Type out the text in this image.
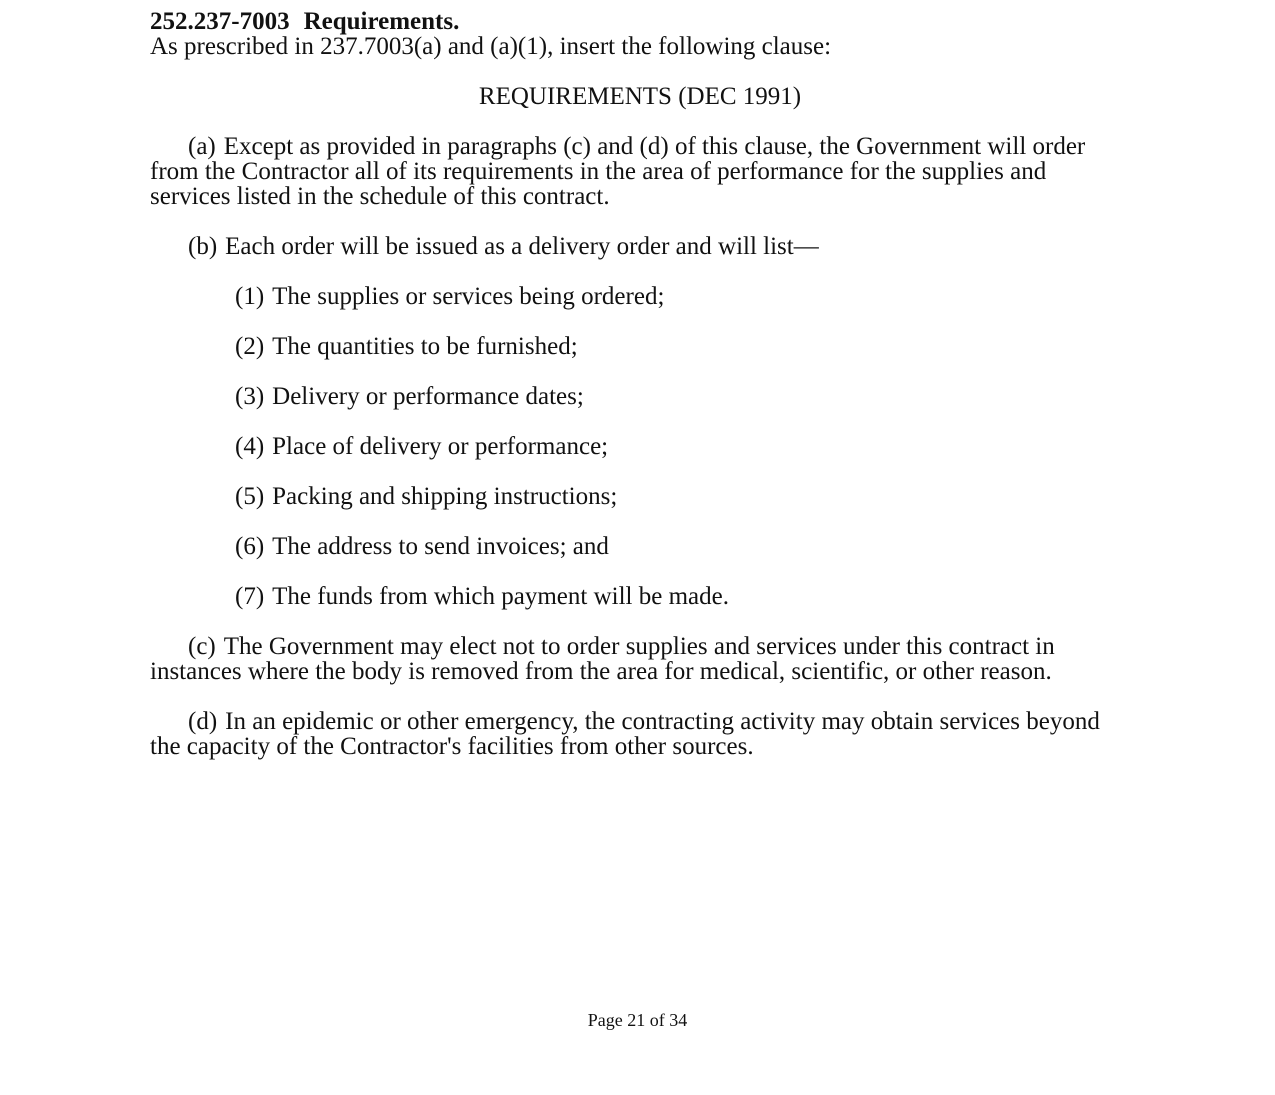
252.237-7003 Requirements.

As prescribed in 237.7003(a) and (a)(1), insert the following clause:

REQUIREMENTS (DEC 1991)

(a) Except as provided in paragraphs (c) and (d) of this clause, the Government will order from the Contractor all of its requirements in the area of performance for the supplies and services listed in the schedule of this contract.

(b) Each order will be issued as a delivery order and will list—

(1) The supplies or services being ordered;

(2) The quantities to be furnished;

(3) Delivery or performance dates;

(4) Place of delivery or performance;

(5) Packing and shipping instructions;

(6) The address to send invoices; and

(7) The funds from which payment will be made.

(c) The Government may elect not to order supplies and services under this contract in instances where the body is removed from the area for medical, scientific, or other reason.

(d) In an epidemic or other emergency, the contracting activity may obtain services beyond the capacity of the Contractor's facilities from other sources.

Page 21 of 34
